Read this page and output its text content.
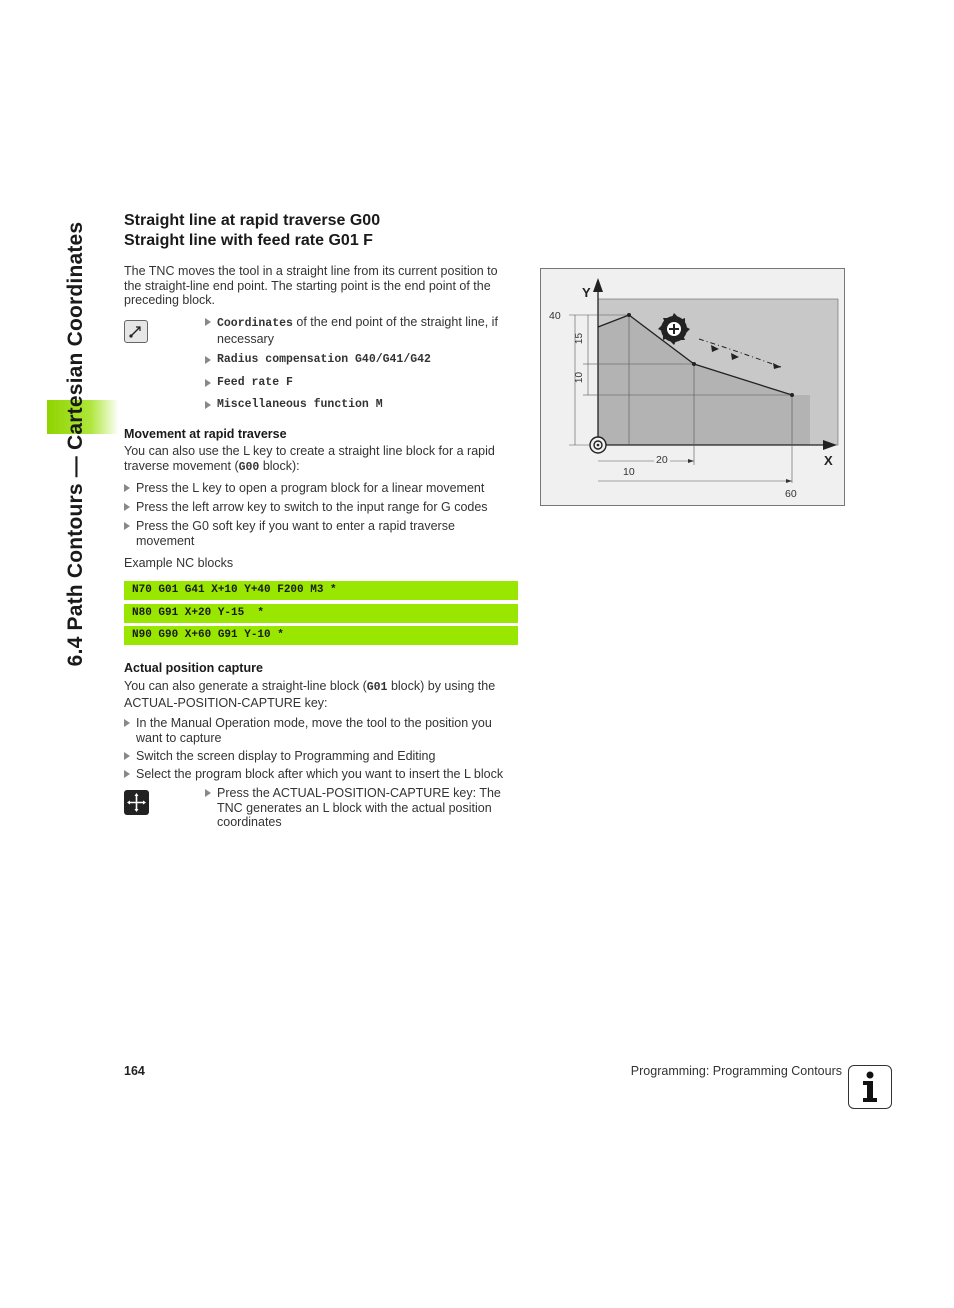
6.4 Path Contours — Cartesian Coordinates
Straight line at rapid traverse G00
Straight line with feed rate G01 F
The TNC moves the tool in a straight line from its current position to the straight-line end point. The starting point is the end point of the preceding block.
Coordinates of the end point of the straight line, if
necessary
Radius compensation G40/G41/G42
Feed rate F
Miscellaneous function M
Movement at rapid traverse
You can also use the L key to create a straight line block for a rapid traverse movement (G00 block):
Press the L key to open a program block for a linear movement
Press the left arrow key to switch to the input range for G codes
Press the G0 soft key if you want to enter a rapid traverse movement
Example NC blocks
N70 G01 G41 X+10 Y+40 F200 M3 *
N80 G91 X+20 Y-15  *
N90 G90 X+60 G91 Y-10 *
Actual position capture
You can also generate a straight-line block (G01 block) by using the ACTUAL-POSITION-CAPTURE key:
In the Manual Operation mode, move the tool to the position you want to capture
Switch the screen display to Programming and Editing
Select the program block after which you want to insert the L block
Press the ACTUAL-POSITION-CAPTURE key: The TNC generates an L block with the actual position coordinates
Y
X
40
15
10
20
10
60
164	Programming: Programming Contours
